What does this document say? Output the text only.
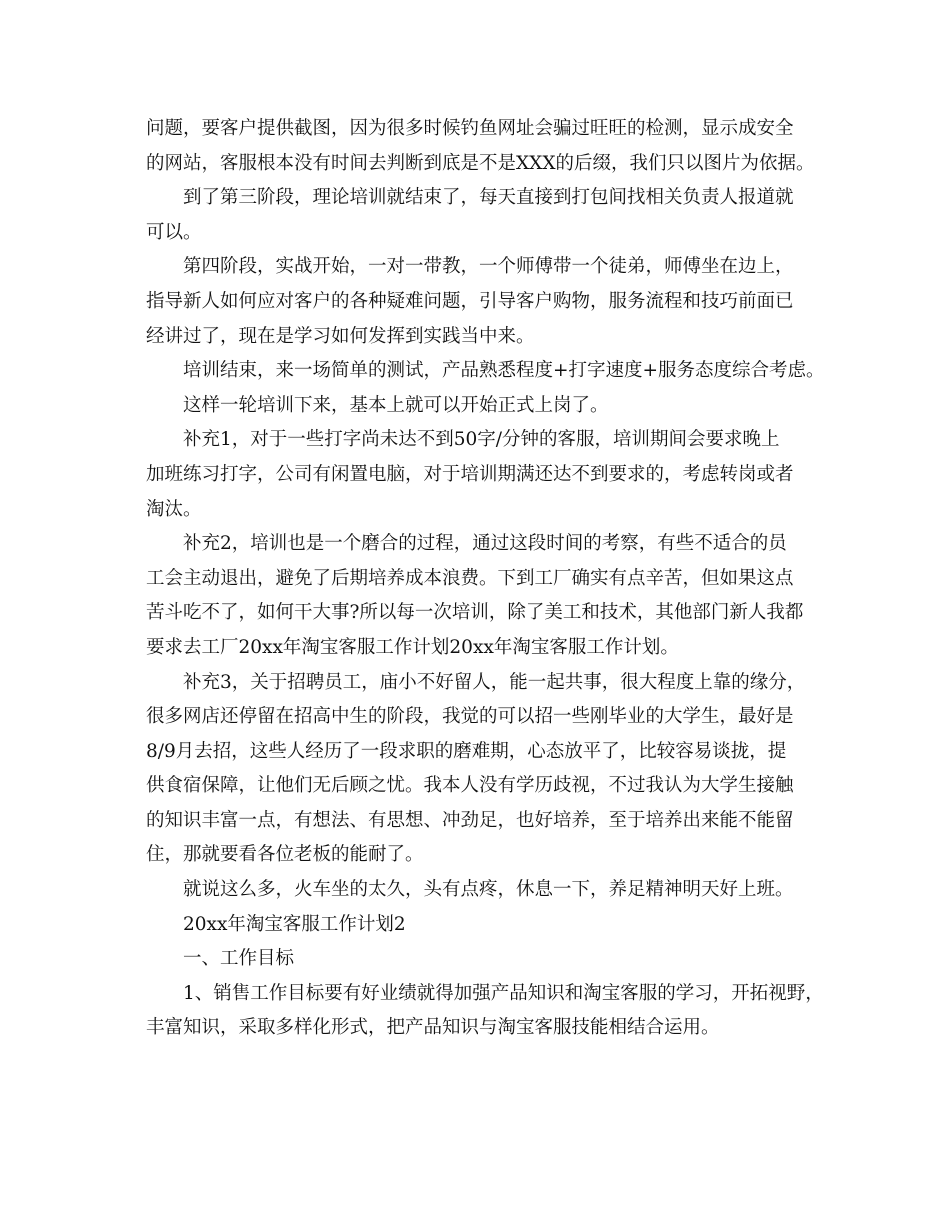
问题，要客户提供截图，因为很多时候钓鱼网址会骗过旺旺的检测，显示成安全
的网站，客服根本没有时间去判断到底是不是XXX的后缀，我们只以图片为依据。
到了第三阶段，理论培训就结束了，每天直接到打包间找相关负责人报道就
可以。
第四阶段，实战开始，一对一带教，一个师傅带一个徒弟，师傅坐在边上，
指导新人如何应对客户的各种疑难问题，引导客户购物，服务流程和技巧前面已
经讲过了，现在是学习如何发挥到实践当中来。
培训结束，来一场简单的测试，产品熟悉程度+打字速度+服务态度综合考虑。
这样一轮培训下来，基本上就可以开始正式上岗了。
补充1，对于一些打字尚未达不到50字/分钟的客服，培训期间会要求晚上
加班练习打字，公司有闲置电脑，对于培训期满还达不到要求的，考虑转岗或者
淘汰。
补充2，培训也是一个磨合的过程，通过这段时间的考察，有些不适合的员
工会主动退出，避免了后期培养成本浪费。下到工厂确实有点辛苦，但如果这点
苦斗吃不了，如何干大事?所以每一次培训，除了美工和技术，其他部门新人我都
要求去工厂20xx年淘宝客服工作计划20xx年淘宝客服工作计划。
补充3，关于招聘员工，庙小不好留人，能一起共事，很大程度上靠的缘分，
很多网店还停留在招高中生的阶段，我觉的可以招一些刚毕业的大学生，最好是
8/9月去招，这些人经历了一段求职的磨难期，心态放平了，比较容易谈拢，提
供食宿保障，让他们无后顾之忧。我本人没有学历歧视，不过我认为大学生接触
的知识丰富一点，有想法、有思想、冲劲足，也好培养，至于培养出来能不能留
住，那就要看各位老板的能耐了。
就说这么多，火车坐的太久，头有点疼，休息一下，养足精神明天好上班。
20xx年淘宝客服工作计划2
一、工作目标
1、销售工作目标要有好业绩就得加强产品知识和淘宝客服的学习，开拓视野，
丰富知识，采取多样化形式，把产品知识与淘宝客服技能相结合运用。
